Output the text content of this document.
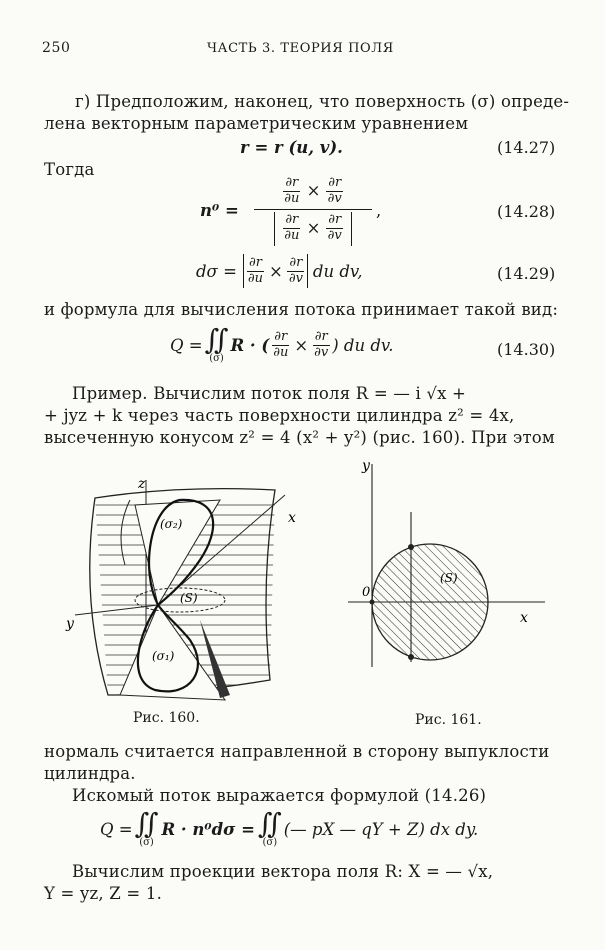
250	ЧАСТЬ 3. ТЕОРИЯ ПОЛЯ
г) Предположим, наконец, что поверхность (σ) опреде-
лена векторным параметрическим уравнением
r = r (u, v).	(14.27)
Тогда
n⁰ =
$\frac{\partial r}{\partial u} \times \frac{\partial r}{\partial v}$

$\frac{\partial r}{\partial u} \times \frac{\partial r}{\partial v}$

,	(14.28)
$d\sigma = \frac{\partial r}{\partial u} \times \frac{\partial r}{\partial v}$ du dv,	(14.29)
и формула для вычисления потока принимает такой вид:
Q = ∬
(σ)
R · ( $\frac{\partial r}{\partial u} \times \frac{\partial r}{\partial v}$ ) du dv.	(14.30)
Пример. Вычислим поток поля R = — i √x +
+ jyz + k через часть поверхности цилиндра z² = 4x,
высеченную конусом z² = 4 (x² + y²) (рис. 160). При этом
z
x
y
(σ₂)
(S)
(σ₁)
Рис. 160.
y
x
0
(S)
Рис. 161.
нормаль считается направленной в сторону выпуклости
цилиндра.
Искомый поток выражается формулой (14.26)
Q = ∬
(σ)
R · n⁰dσ = ∬
(σ)
(— pX — qY + Z) dx dy.
Вычислим проекции вектора поля R: X = — √x,
Y = yz, Z = 1.
